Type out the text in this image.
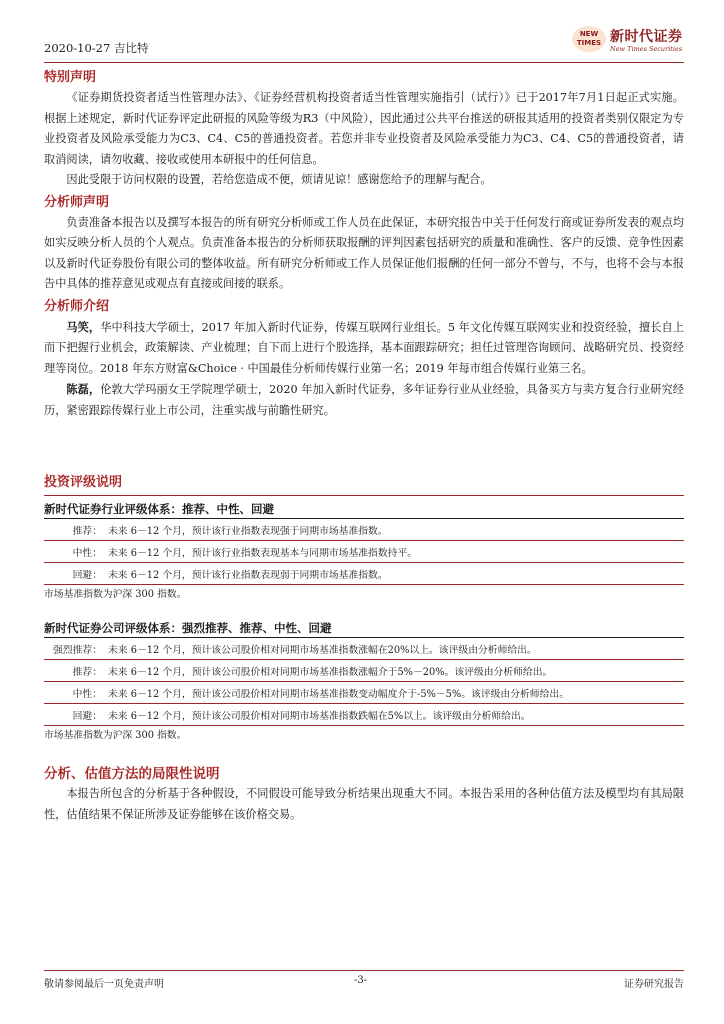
2020-10-27 吉比特
NEW
TIMES 新时代证券
New Times Securities
特别声明

《证券期货投资者适当性管理办法》、《证券经营机构投资者适当性管理实施指引（试行）》已于2017年7月1日起正式实施。根据上述规定，新时代证券评定此研报的风险等级为R3（中风险），因此通过公共平台推送的研报其适用的投资者类别仅限定为专业投资者及风险承受能力为C3、C4、C5的普通投资者。若您并非专业投资者及风险承受能力为C3、C4、C5的普通投资者，请取消阅读，请勿收藏、接收或使用本研报中的任何信息。

因此受限于访问权限的设置，若给您造成不便，烦请见谅！感谢您给予的理解与配合。

分析师声明

负责准备本报告以及撰写本报告的所有研究分析师或工作人员在此保证，本研究报告中关于任何发行商或证券所发表的观点均如实反映分析人员的个人观点。负责准备本报告的分析师获取报酬的评判因素包括研究的质量和准确性、客户的反馈、竞争性因素以及新时代证券股份有限公司的整体收益。所有研究分析师或工作人员保证他们报酬的任何一部分不曾与，不与，也将不会与本报告中具体的推荐意见或观点有直接或间接的联系。

分析师介绍

马笑，华中科技大学硕士，2017 年加入新时代证券，传媒互联网行业组长。5 年文化传媒互联网实业和投资经验，擅长自上而下把握行业机会，政策解读、产业梳理；自下而上进行个股选择，基本面跟踪研究；担任过管理咨询顾问、战略研究员、投资经理等岗位。2018 年东方财富&Choice · 中国最佳分析师传媒行业第一名；2019 年每市组合传媒行业第三名。

陈磊，伦敦大学玛丽女王学院理学硕士，2020 年加入新时代证券，多年证券行业从业经验，具备买方与卖方复合行业研究经历，紧密跟踪传媒行业上市公司，注重实战与前瞻性研究。

投资评级说明

新时代证券行业评级体系：推荐、中性、回避

推荐：	未来 6－12 个月，预计该行业指数表现强于同期市场基准指数。
中性：	未来 6－12 个月，预计该行业指数表现基本与同期市场基准指数持平。
回避：	未来 6－12 个月，预计该行业指数表现弱于同期市场基准指数。

市场基准指数为沪深 300 指数。

新时代证券公司评级体系：强烈推荐、推荐、中性、回避

强烈推荐：	未来 6－12 个月，预计该公司股价相对同期市场基准指数涨幅在20%以上。该评级由分析师给出。
推荐：	未来 6－12 个月，预计该公司股价相对同期市场基准指数涨幅介于5%－20%。该评级由分析师给出。
中性：	未来 6－12 个月，预计该公司股价相对同期市场基准指数变动幅度介于-5%－5%。该评级由分析师给出。
回避：	未来 6－12 个月，预计该公司股价相对同期市场基准指数跌幅在5%以上。该评级由分析师给出。

市场基准指数为沪深 300 指数。

分析、估值方法的局限性说明

本报告所包含的分析基于各种假设，不同假设可能导致分析结果出现重大不同。本报告采用的各种估值方法及模型均有其局限性，估值结果不保证所涉及证券能够在该价格交易。

敬请参阅最后一页免责声明	-3-	证券研究报告
